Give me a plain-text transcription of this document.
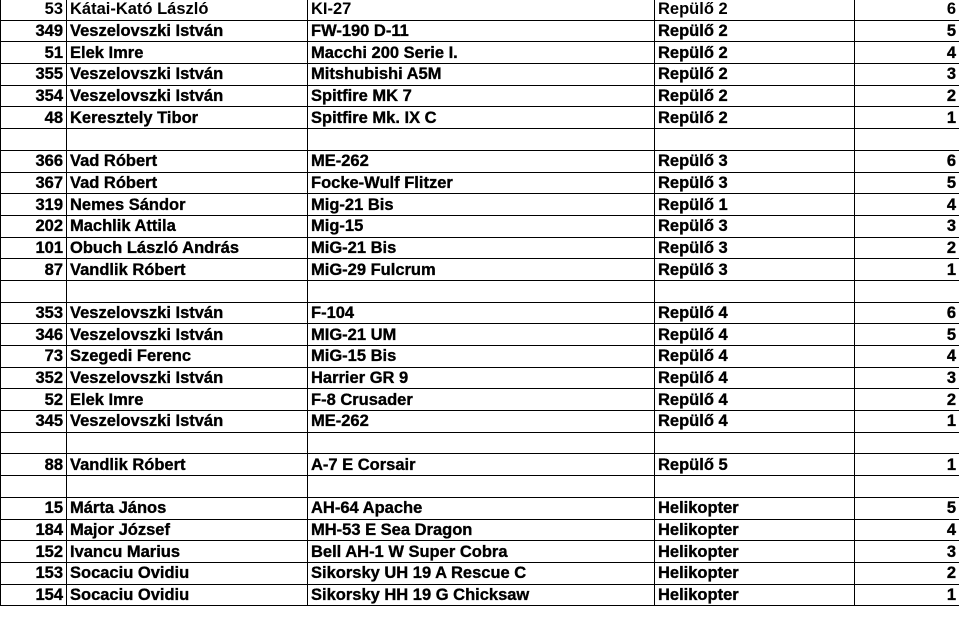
53	Kátai-Kató László	KI-27	Repülő 2	6
349	Veszelovszki István	FW-190 D-11	Repülő 2	5
51	Elek Imre	Macchi 200 Serie I.	Repülő 2	4
355	Veszelovszki István	Mitshubishi A5M	Repülő 2	3
354	Veszelovszki István	Spitfire MK 7	Repülő 2	2
48	Keresztely Tibor	Spitfire Mk. IX C	Repülő 2	1

366	Vad Róbert	ME-262	Repülő 3	6
367	Vad Róbert	Focke-Wulf Flitzer	Repülő 3	5
319	Nemes Sándor	Mig-21 Bis	Repülő 1	4
202	Machlik Attila	Mig-15	Repülő 3	3
101	Obuch László András	MiG-21 Bis	Repülő 3	2
87	Vandlik Róbert	MiG-29 Fulcrum	Repülő 3	1

353	Veszelovszki István	F-104	Repülő 4	6
346	Veszelovszki István	MIG-21 UM	Repülő 4	5
73	Szegedi Ferenc	MiG-15 Bis	Repülő 4	4
352	Veszelovszki István	Harrier GR 9	Repülő 4	3
52	Elek Imre	F-8 Crusader	Repülő 4	2
345	Veszelovszki István	ME-262	Repülő 4	1

88	Vandlik Róbert	A-7 E Corsair	Repülő 5	1

15	Márta János	AH-64 Apache	Helikopter	5
184	Major József	MH-53 E Sea Dragon	Helikopter	4
152	Ivancu Marius	Bell AH-1 W Super Cobra	Helikopter	3
153	Socaciu Ovidiu	Sikorsky UH 19 A Rescue C	Helikopter	2
154	Socaciu Ovidiu	Sikorsky HH 19 G Chicksaw	Helikopter	1
